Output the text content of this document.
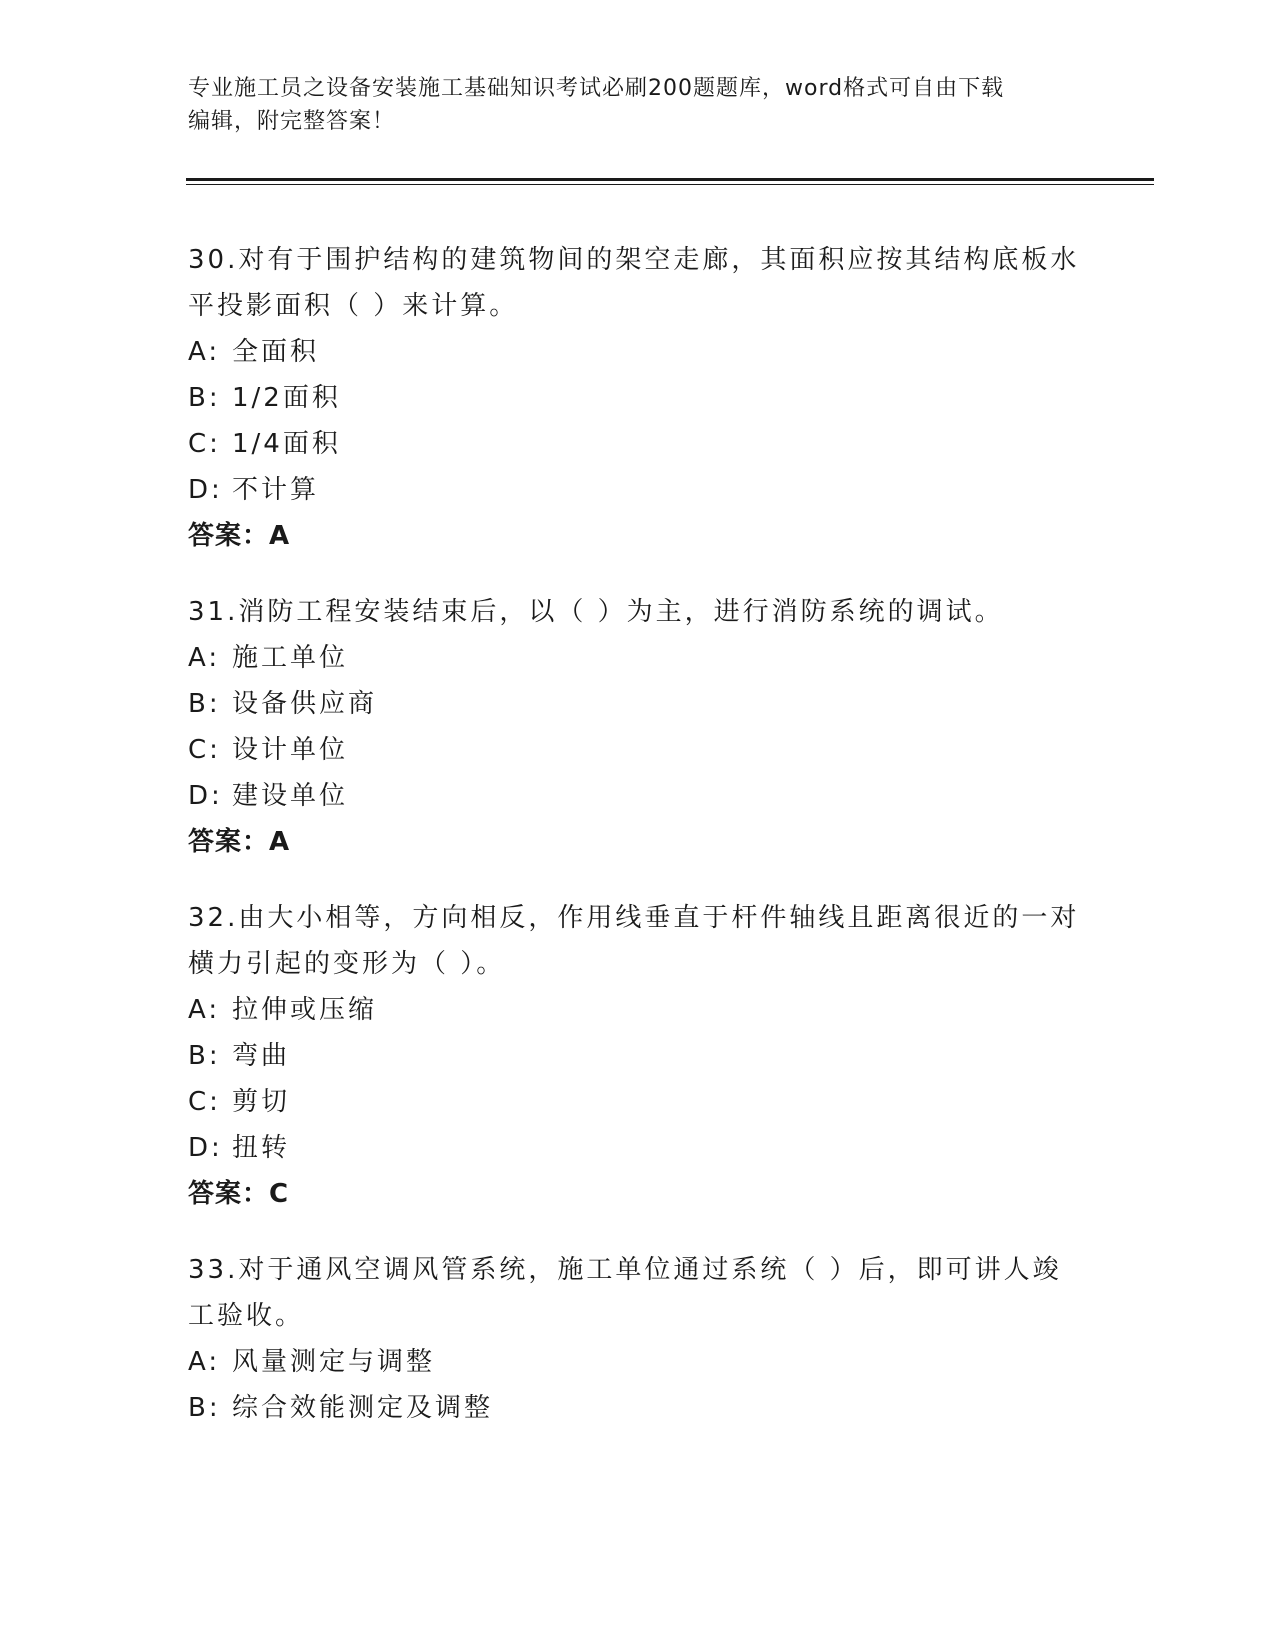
专业施工员之设备安装施工基础知识考试必刷200题题库，word格式可自由下载
编辑，附完整答案！

30.对有于围护结构的建筑物间的架空走廊，其面积应按其结构底板水

平投影面积（ ）来计算。

A: 全面积

B: 1/2面积

C: 1/4面积

D: 不计算

答案：A

31.消防工程安装结束后，以（ ）为主，进行消防系统的调试。

A: 施工单位

B: 设备供应商

C: 设计单位

D: 建设单位

答案：A

32.由大小相等，方向相反，作用线垂直于杆件轴线且距离很近的一对

横力引起的变形为（ ）。

A: 拉伸或压缩

B: 弯曲

C: 剪切

D: 扭转

答案：C

33.对于通风空调风管系统，施工单位通过系统（ ）后，即可讲人竣

工验收。

A: 风量测定与调整

B: 综合效能测定及调整
